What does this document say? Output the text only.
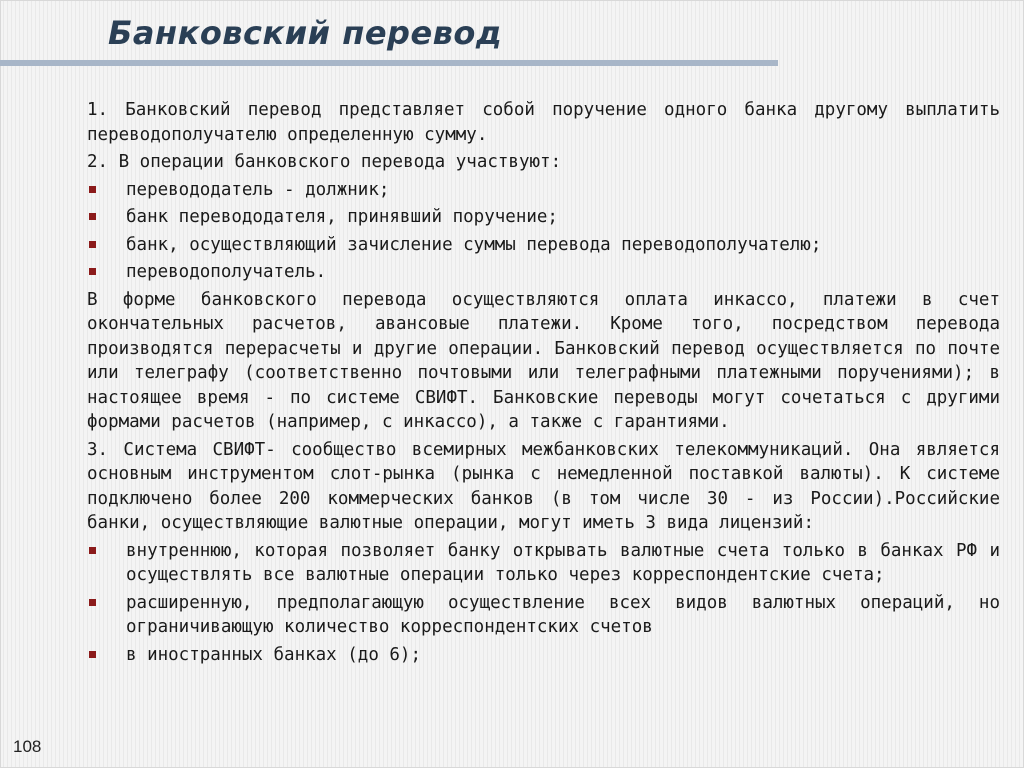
Банковский перевод

1. Банковский перевод представляет собой поручение одного банка другому выплатить переводополучателю определенную сумму.

2. В операции банковского перевода участвуют:

перевододатель - должник;
банк перевододателя, принявший поручение;
банк, осуществляющий зачисление суммы перевода переводополучателю;
переводополучатель.

В форме банковского перевода осуществляются оплата инкассо, платежи в счет окончательных расчетов, авансовые платежи. Кроме того, посредством перевода производятся перерасчеты и другие операции. Банковский перевод осуществляется по почте или телеграфу (соответственно почтовыми или телеграфными платежными поручениями); в настоящее время - по системе СВИФТ. Банковские переводы могут сочетаться с другими формами расчетов (например, с инкассо), а также с гарантиями.

3. Система СВИФТ- сообщество всемирных межбанковских телекоммуникаций. Она является основным инструментом слот-рынка (рынка с немедленной поставкой валюты). К системе подключено более 200 коммерческих банков (в том числе 30 - из России).Российские банки, осуществляющие валютные операции, могут иметь 3 вида лицензий:

внутреннюю, которая позволяет банку открывать валютные счета только в банках РФ и осуществлять все валютные операции только через корреспондентские счета;
расширенную, предполагающую осуществление всех видов валютных операций, но ограничивающую количество корреспондентских счетов
в иностранных банках (до 6);
108
